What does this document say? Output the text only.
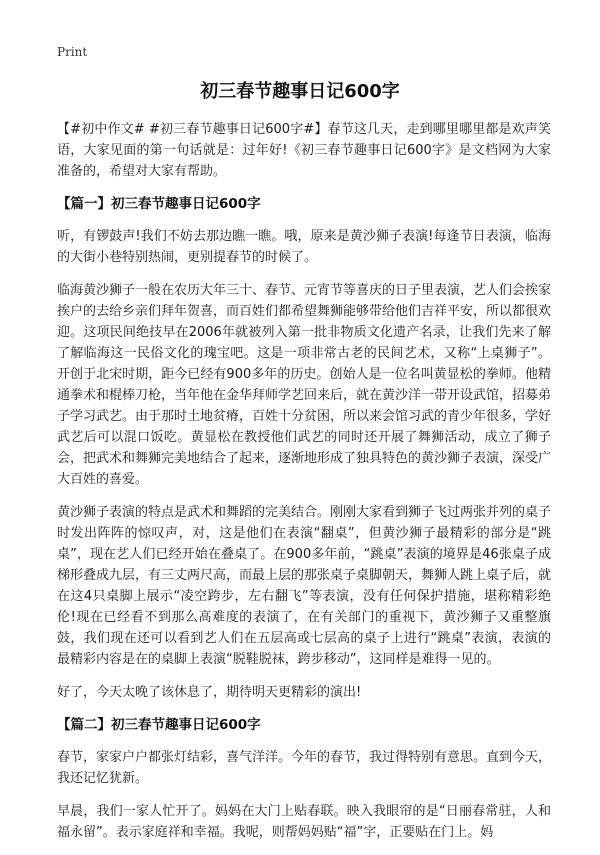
Print
初三春节趣事日记600字

【#初中作文# #初三春节趣事日记600字#】春节这几天，走到哪里哪里都是欢声笑语，大家见面的第一句话就是：过年好!《初三春节趣事日记600字》是文档网为大家准备的，希望对大家有帮助。

【篇一】初三春节趣事日记600字

听，有锣鼓声!我们不妨去那边瞧一瞧。哦，原来是黄沙狮子表演!每逢节日表演，临海的大街小巷特别热闹，更别提春节的时候了。

临海黄沙狮子一般在农历大年三十、春节、元宵节等喜庆的日子里表演，艺人们会挨家挨户的去给乡亲们拜年贺喜，而百姓们都希望舞狮能够带给他们吉祥平安，所以都很欢迎。这项民间绝技早在2006年就被列入第一批非物质文化遗产名录，让我们先来了解了解临海这一民俗文化的瑰宝吧。这是一项非常古老的民间艺术，又称“上桌狮子”。开创于北宋时期，距今已经有900多年的历史。创始人是一位名叫黄显松的拳师。他精通拳术和棍棒刀枪，当年他在金华拜师学艺回来后，就在黄沙洋一带开设武馆，招募弟子学习武艺。由于那时土地贫瘠，百姓十分贫困，所以来会馆习武的青少年很多，学好武艺后可以混口饭吃。黄显松在教授他们武艺的同时还开展了舞狮活动，成立了狮子会，把武术和舞狮完美地结合了起来，逐渐地形成了独具特色的黄沙狮子表演，深受广大百姓的喜爱。

黄沙狮子表演的特点是武术和舞蹈的完美结合。刚刚大家看到狮子飞过两张并列的桌子时发出阵阵的惊叹声，对，这是他们在表演“翻桌”，但黄沙狮子最精彩的部分是“跳桌”，现在艺人们已经开始在叠桌了。在900多年前，“跳桌”表演的境界是46张桌子成梯形叠成九层，有三丈两尺高，而最上层的那张桌子桌脚朝天，舞狮人跳上桌子后，就在这4只桌脚上展示“凌空跨步，左右翻飞”等表演，没有任何保护措施，堪称精彩绝伦!现在已经看不到那么高难度的表演了，在有关部门的重视下，黄沙狮子又重整旗鼓，我们现在还可以看到艺人们在五层高或七层高的桌子上进行“跳桌”表演，表演的最精彩内容是在的桌脚上表演“脱鞋脱袜，跨步移动”，这同样是难得一见的。

好了，今天太晚了该休息了，期待明天更精彩的演出!

【篇二】初三春节趣事日记600字

春节，家家户户都张灯结彩，喜气洋洋。今年的春节，我过得特别有意思。直到今天，我还记忆犹新。

早晨，我们一家人忙开了。妈妈在大门上贴春联。映入我眼帘的是“日丽春常驻，人和福永留”。表示家庭祥和幸福。我呢，则帮妈妈贴“福”字，正要贴在门上。妈
